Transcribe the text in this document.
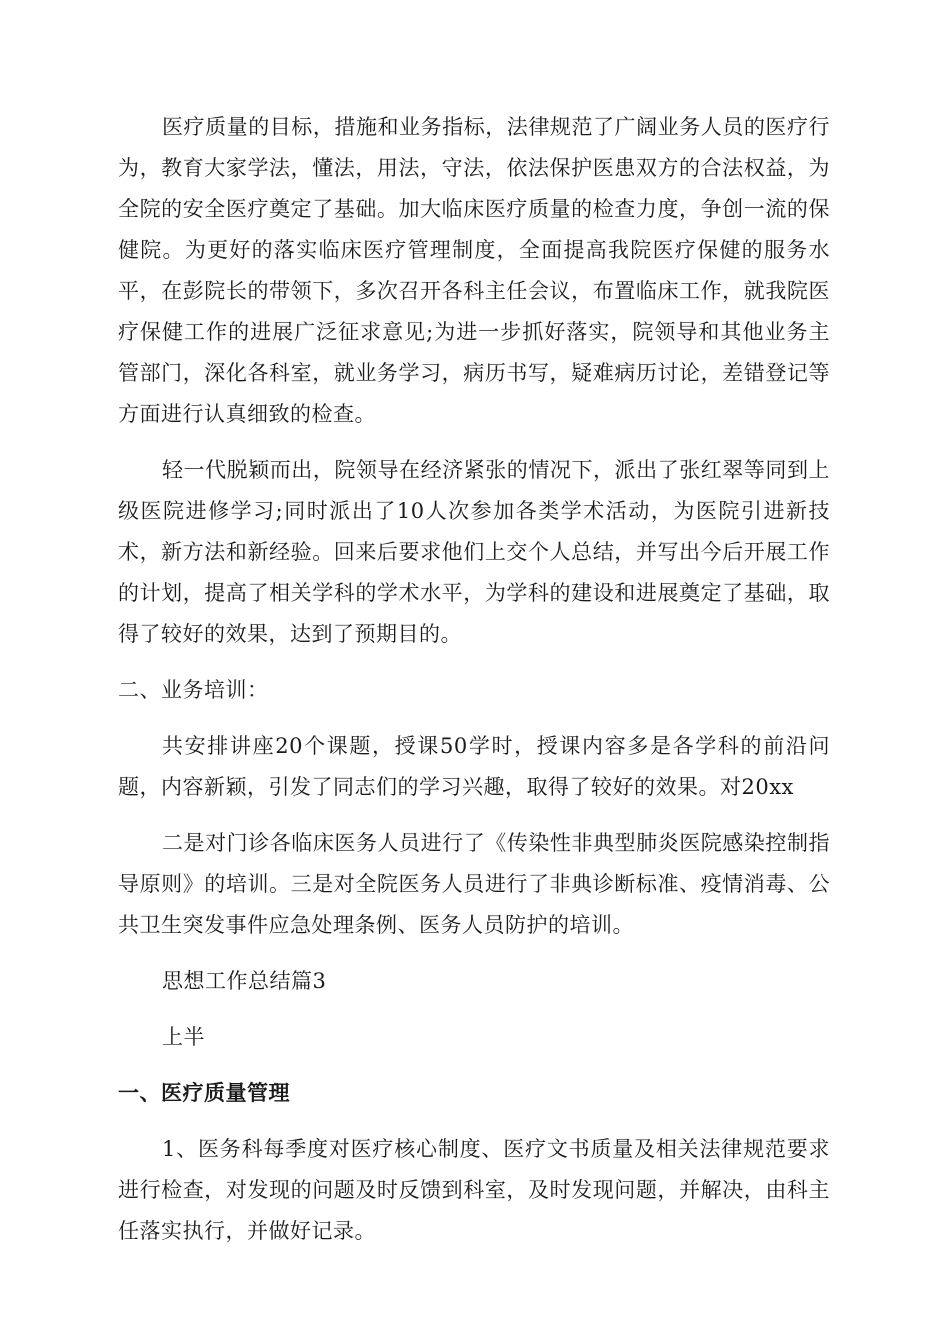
医疗质量的目标，措施和业务指标，法律规范了广阔业务人员的医疗行为，教育大家学法，懂法，用法，守法，依法保护医患双方的合法权益，为全院的安全医疗奠定了基础。加大临床医疗质量的检查力度，争创一流的保健院。为更好的落实临床医疗管理制度，全面提高我院医疗保健的服务水平，在彭院长的带领下，多次召开各科主任会议，布置临床工作，就我院医疗保健工作的进展广泛征求意见;为进一步抓好落实，院领导和其他业务主管部门，深化各科室，就业务学习，病历书写，疑难病历讨论，差错登记等方面进行认真细致的检查。

轻一代脱颖而出，院领导在经济紧张的情况下，派出了张红翠等同到上级医院进修学习;同时派出了10人次参加各类学术活动，为医院引进新技术，新方法和新经验。回来后要求他们上交个人总结，并写出今后开展工作的计划，提高了相关学科的学术水平，为学科的建设和进展奠定了基础，取得了较好的效果，达到了预期目的。

二、业务培训：

共安排讲座20个课题，授课50学时，授课内容多是各学科的前沿问题，内容新颖，引发了同志们的学习兴趣，取得了较好的效果。对20xx

二是对门诊各临床医务人员进行了《传染性非典型肺炎医院感染控制指导原则》的培训。三是对全院医务人员进行了非典诊断标准、疫情消毒、公共卫生突发事件应急处理条例、医务人员防护的培训。

思想工作总结篇3

上半

一、医疗质量管理

1、医务科每季度对医疗核心制度、医疗文书质量及相关法律规范要求进行检查，对发现的问题及时反馈到科室，及时发现问题，并解决，由科主任落实执行，并做好记录。
